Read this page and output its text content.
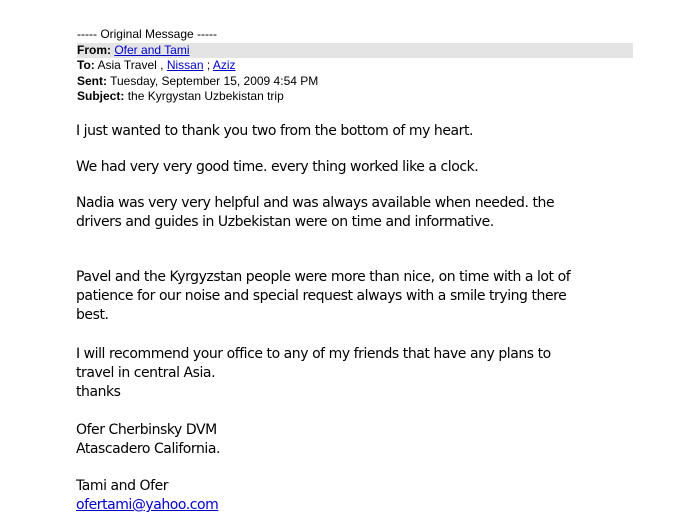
----- Original Message -----
From: Ofer and Tami
To: Asia Travel , Nissan ; Aziz
Sent: Tuesday, September 15, 2009 4:54 PM
Subject: the Kyrgystan Uzbekistan trip
I just wanted to thank you two from the bottom of my heart.
We had very very good time. every thing worked like a clock.
Nadia was very very helpful and was always available when needed. the
drivers and guides in Uzbekistan were on time and informative.
Pavel and the Kyrgyzstan people were more than nice, on time with a lot of
patience for our noise and special request always with a smile trying there
best.
I will recommend your office to any of my friends that have any plans to
travel in central Asia.
thanks
Ofer Cherbinsky DVM
Atascadero California.
Tami and Ofer
ofertami@yahoo.com
